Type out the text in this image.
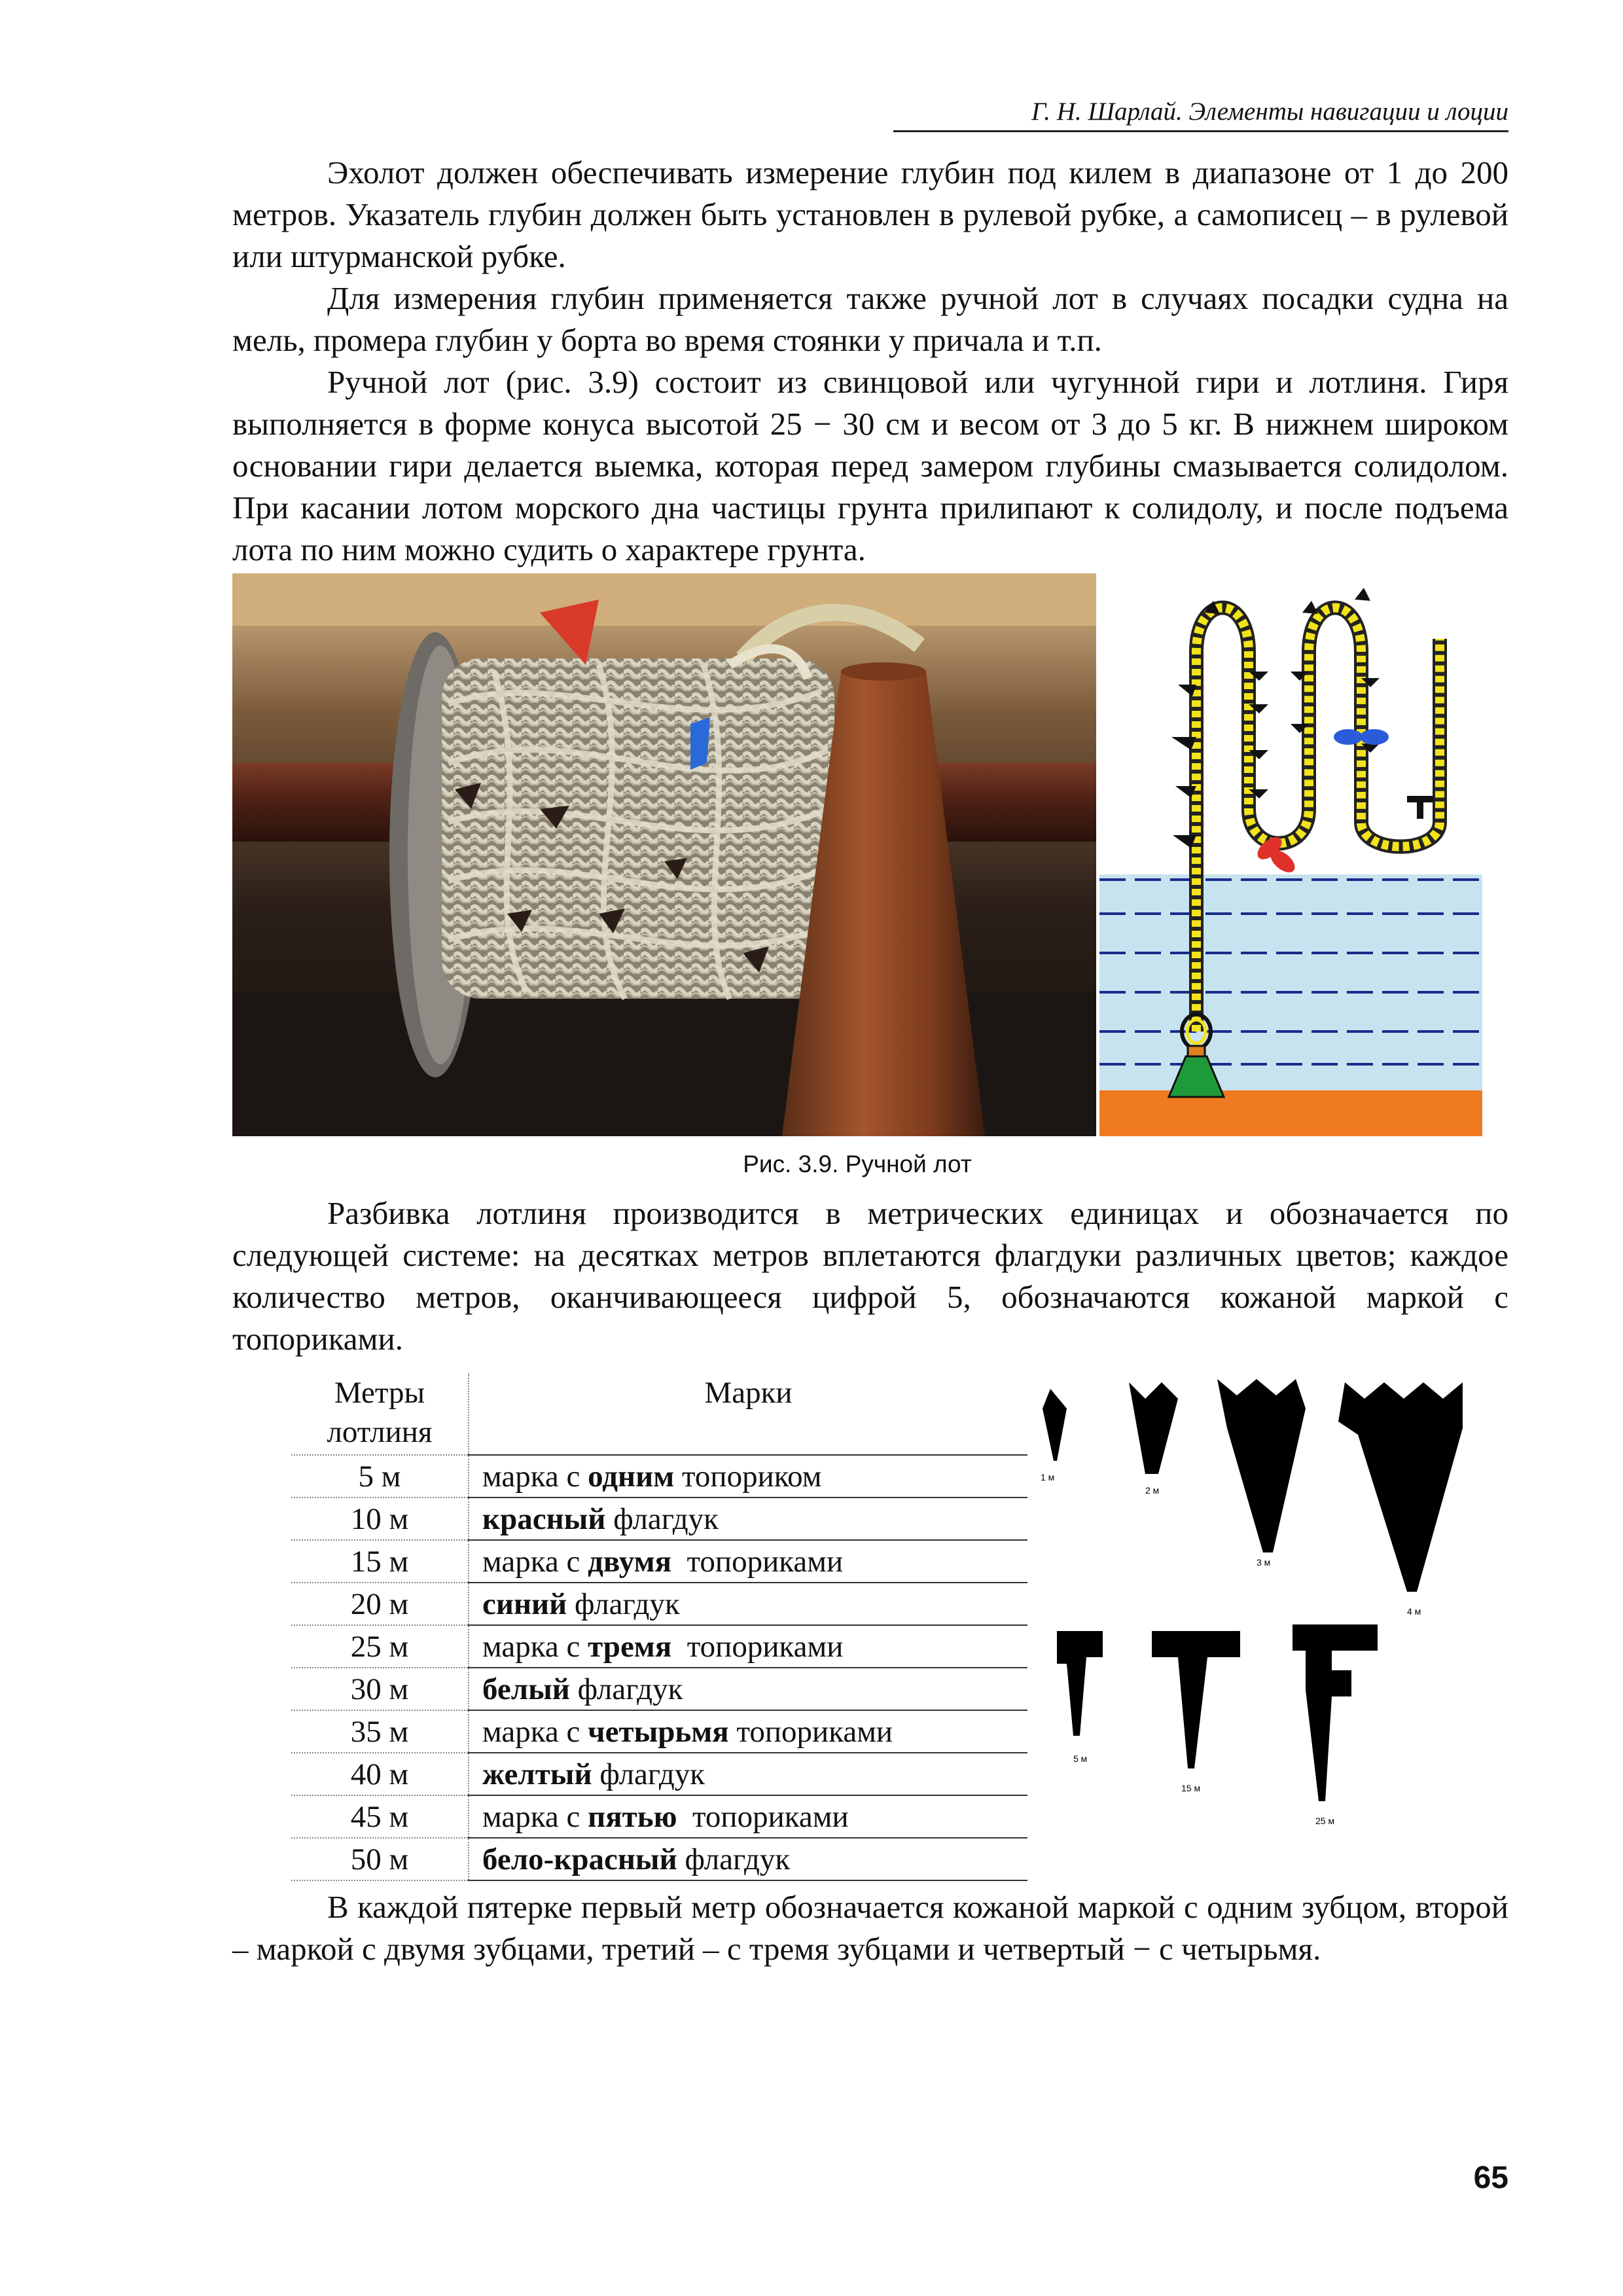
Г. Н. Шарлай. Элементы навигации и лоции

Эхолот должен обеспечивать измерение глубин под килем в диапазоне от 1 до 200 метров. Указатель глубин должен быть установлен в рулевой рубке, а самописец – в рулевой или штурманской рубке.

Для измерения глубин применяется также ручной лот в случаях посадки судна на мель, промера глубин у борта во время стоянки у причала и т.п.

Ручной лот (рис. 3.9) состоит из свинцовой или чугунной гири и лотлиня. Гиря выполняется в форме конуса высотой 25 − 30 см и весом от 3 до 5 кг. В нижнем широком основании гири делается выемка, которая перед замером глубины смазывается солидолом. При касании лотом морского дна частицы грунта прилипают к солидолу, и после подъема лота по ним можно судить о характере грунта.

Рис. 3.9. Ручной лот

Разбивка лотлиня производится в метрических единицах и обозначается по следующей системе: на десятках метров вплетаются флагдуки различных цветов; каждое количество метров, оканчивающееся цифрой 5, обозначаются кожаной маркой с топориками.

Метры лотлиня	Марки
5 м	марка с одним топориком
10 м	красный флагдук
15 м	марка с двумя  топориками
20 м	синий флагдук
25 м	марка с тремя  топориками
30 м	белый флагдук
35 м	марка с четырьмя топориками
40 м	желтый флагдук
45 м	марка с пятью  топориками
50 м	бело-красный флагдук
1 м
2 м
3 м
4 м
5 м
15 м
25 м

В каждой пятерке первый метр обозначается кожаной маркой с одним зубцом, второй – маркой с двумя зубцами, третий – с тремя зубцами и четвертый − с четырьмя.

65
